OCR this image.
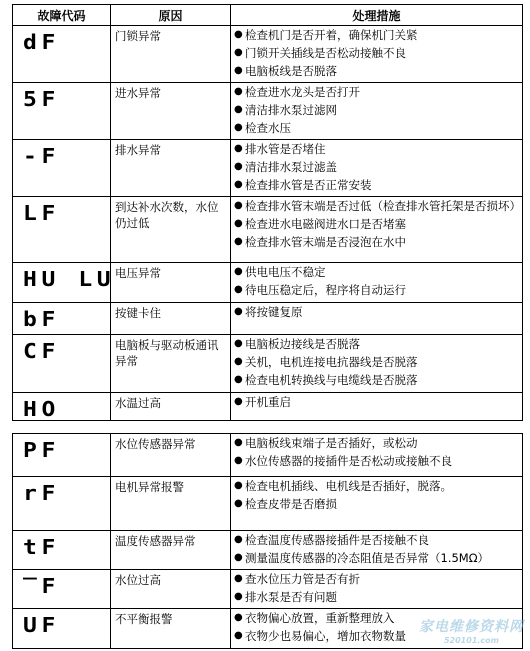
故障代码	原因	处理措施
dF	门锁异常	● 检查机门是否开着，确保机门关紧
● 门锁开关插线是否松动接触不良
● 电脑板线是否脱落

5F	进水异常	● 检查进水龙头是否打开
● 清洁排水泵过滤网
● 检查水压

-F	排水异常	● 排水管是否堵住
● 清洁排水泵过滤盖
● 检查排水管是否正常安装

LF	到达补水次数，水位仍过低	● 检查排水管末端是否过低（检查排水管托架是否损坏）
● 检查进水电磁阀进水口是否堵塞
● 检查排水管末端是否浸泡在水中

HU LU	电压异常	● 供电电压不稳定
● 待电压稳定后，程序将自动运行

bF	按键卡住	● 将按键复原

CF	电脑板与驱动板通讯异常	● 电脑板边接线是否脱落
● 关机，电机连接电抗器线是否脱落
● 检查电机转换线与电缆线是否脱落

HO	水温过高	● 开机重启
PF	水位传感器异常	● 电脑板线束端子是否插好，或松动
● 水位传感器的接插件是否松动或接触不良

rF	电机异常报警	● 检查电机插线、电机线是否插好，脱落。
● 检查皮带是否磨损

tF	温度传感器异常	● 检查温度传感器接插件是否接触不良
● 测量温度传感器的冷态阻值是否异常（1.5MΩ）

‾F	水位过高	● 查水位压力管是否有折
● 排水泵是否有问题

UF	不平衡报警	● 衣物偏心放置，重新整理放入
● 衣物少也易偏心，增加衣物数量
家电维修资料网
520101.com
